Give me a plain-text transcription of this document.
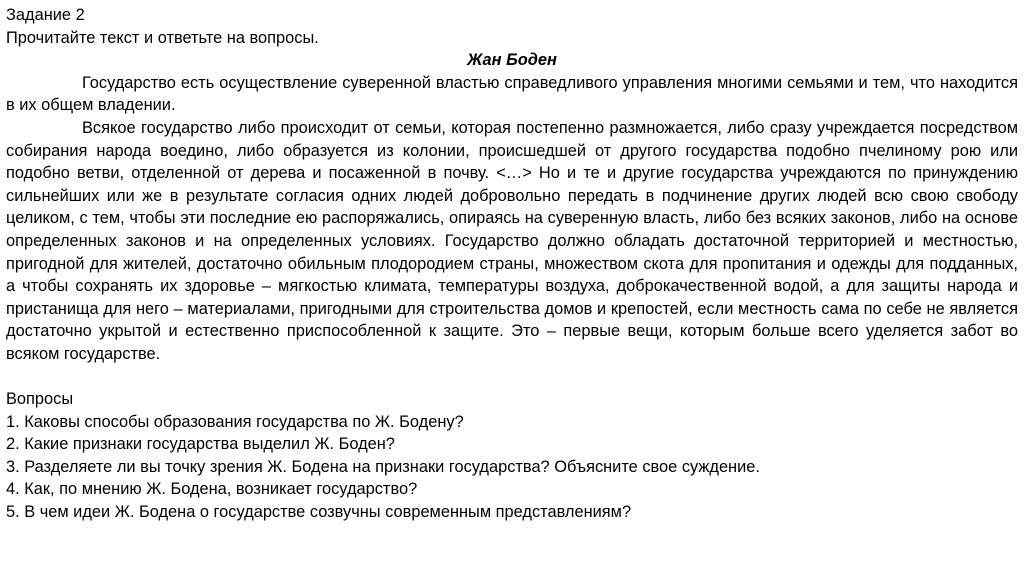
Задание 2
Прочитайте текст и ответьте на вопросы.
Жан Боден

Государство есть осуществление суверенной властью справедливого управления многими семьями и тем, что находится в их общем владении.

Всякое государство либо происходит от семьи, которая постепенно размножается, либо сразу учреждается посредством собирания народа воедино, либо образуется из колонии, происшедшей от другого государства подобно пчелиному рою или подобно ветви, отделенной от дерева и посаженной в почву. <…> Но и те и другие государства учреждаются по принуждению сильнейших или же в результате согласия одних людей добровольно передать в подчинение других людей всю свою свободу целиком, с тем, чтобы эти последние ею распоряжались, опираясь на суверенную власть, либо без всяких законов, либо на основе определенных законов и на определенных условиях. Государство должно обладать достаточной территорией и местностью, пригодной для жителей, достаточно обильным плодородием страны, множеством скота для пропитания и одежды для подданных, а чтобы сохранять их здоровье – мягкостью климата, температуры воздуха, доброкачественной водой, а для защиты народа и пристанища для него – материалами, пригодными для строительства домов и крепостей, если местность сама по себе не является достаточно укрытой и естественно приспособленной к защите. Это – первые вещи, которым больше всего уделяется забот во всяком государстве.

Вопросы
1. Каковы способы образования государства по Ж. Бодену?
2. Какие признаки государства выделил Ж. Боден?
3. Разделяете ли вы точку зрения Ж. Бодена на признаки государства? Объясните свое суждение.
4. Как, по мнению Ж. Бодена, возникает государство?
5. В чем идеи Ж. Бодена о государстве созвучны современным представлениям?
